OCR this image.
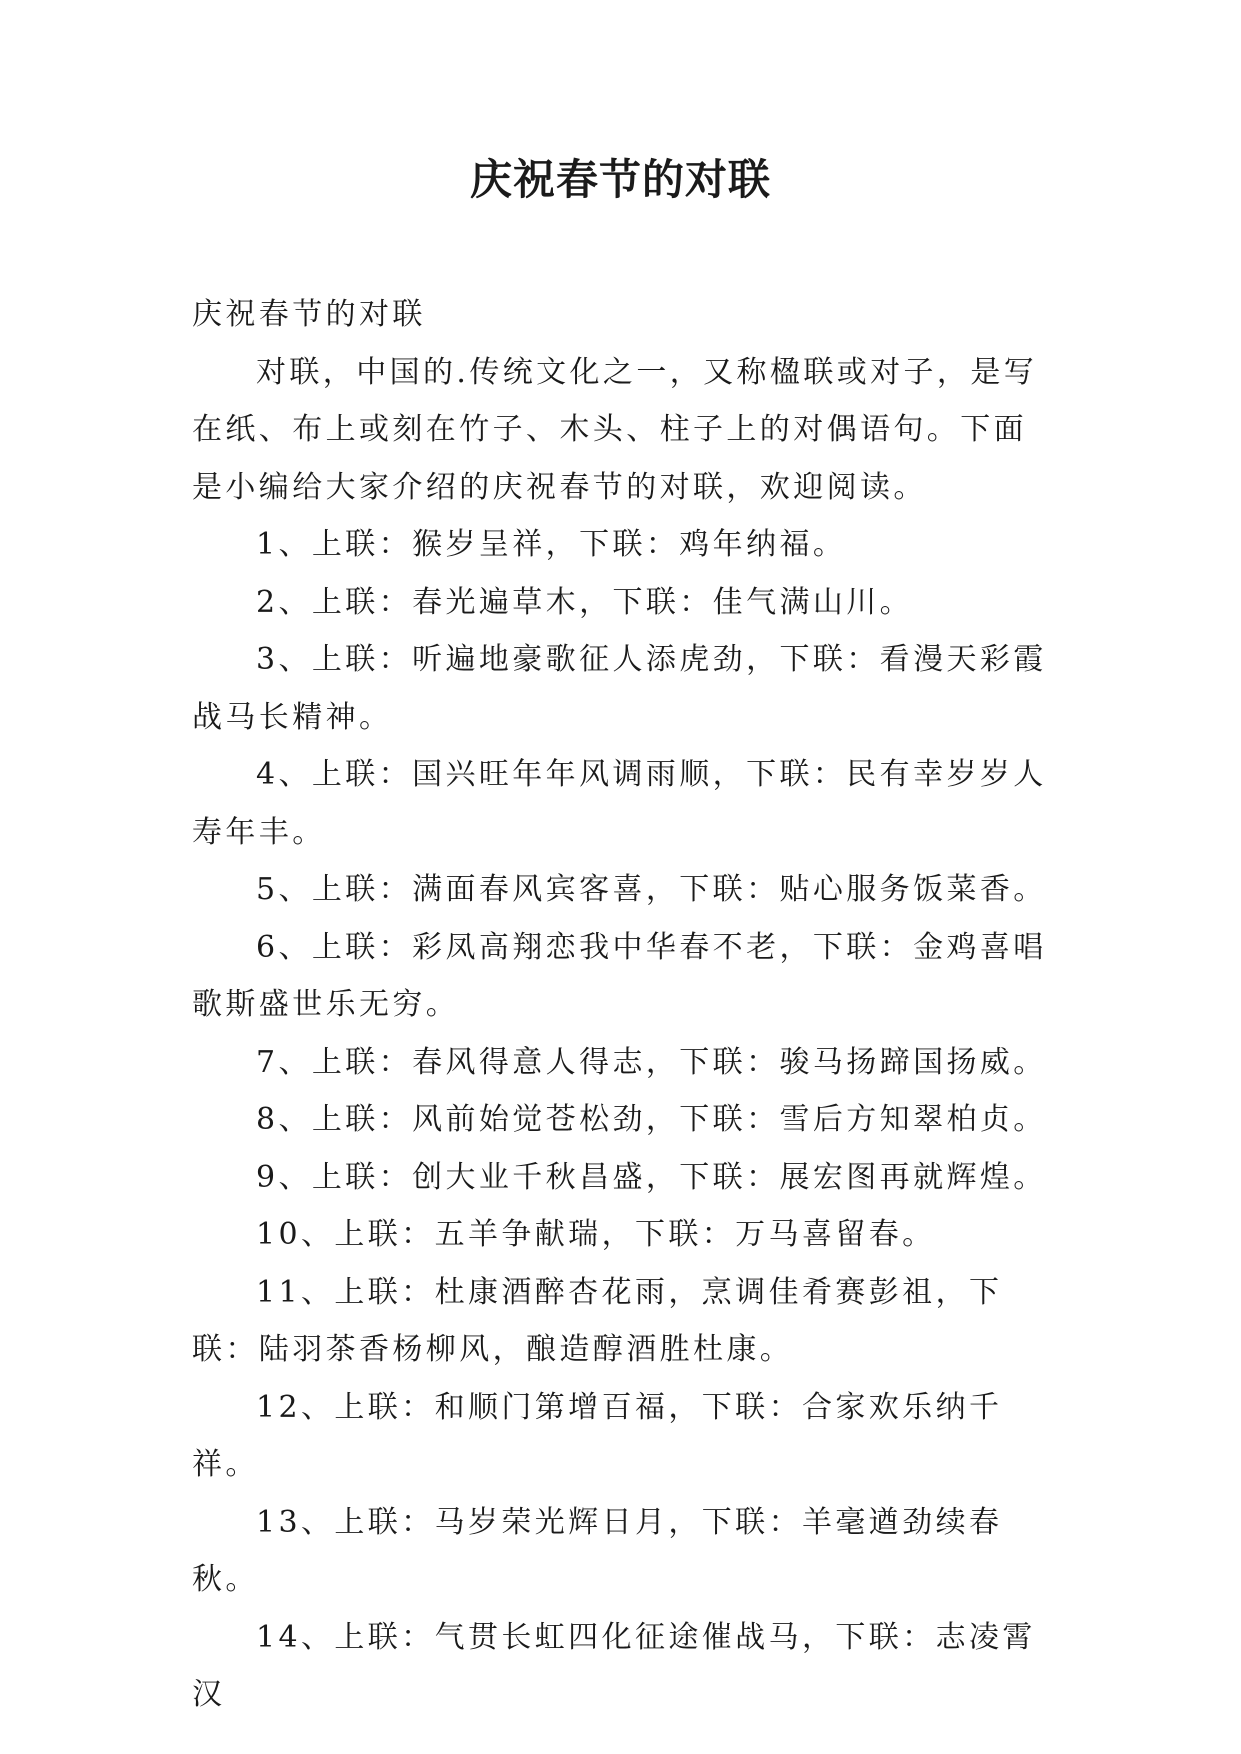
庆祝春节的对联

庆祝春节的对联

对联，中国的.传统文化之一，又称楹联或对子，是写在纸、布上或刻在竹子、木头、柱子上的对偶语句。下面是小编给大家介绍的庆祝春节的对联，欢迎阅读。

1、上联：猴岁呈祥，下联：鸡年纳福。

2、上联：春光遍草木，下联：佳气满山川。

3、上联：听遍地豪歌征人添虎劲，下联：看漫天彩霞战马长精神。

4、上联：国兴旺年年风调雨顺，下联：民有幸岁岁人寿年丰。

5、上联：满面春风宾客喜，下联：贴心服务饭菜香。

6、上联：彩凤高翔恋我中华春不老，下联：金鸡喜唱歌斯盛世乐无穷。

7、上联：春风得意人得志，下联：骏马扬蹄国扬威。

8、上联：风前始觉苍松劲，下联：雪后方知翠柏贞。

9、上联：创大业千秋昌盛，下联：展宏图再就辉煌。

10、上联：五羊争献瑞，下联：万马喜留春。

11、上联：杜康酒醉杏花雨，烹调佳肴赛彭祖，下联：陆羽茶香杨柳风，酿造醇酒胜杜康。

12、上联：和顺门第增百福，下联：合家欢乐纳千祥。

13、上联：马岁荣光辉日月，下联：羊毫遒劲续春秋。

14、上联：气贯长虹四化征途催战马，下联：志凌霄汉
